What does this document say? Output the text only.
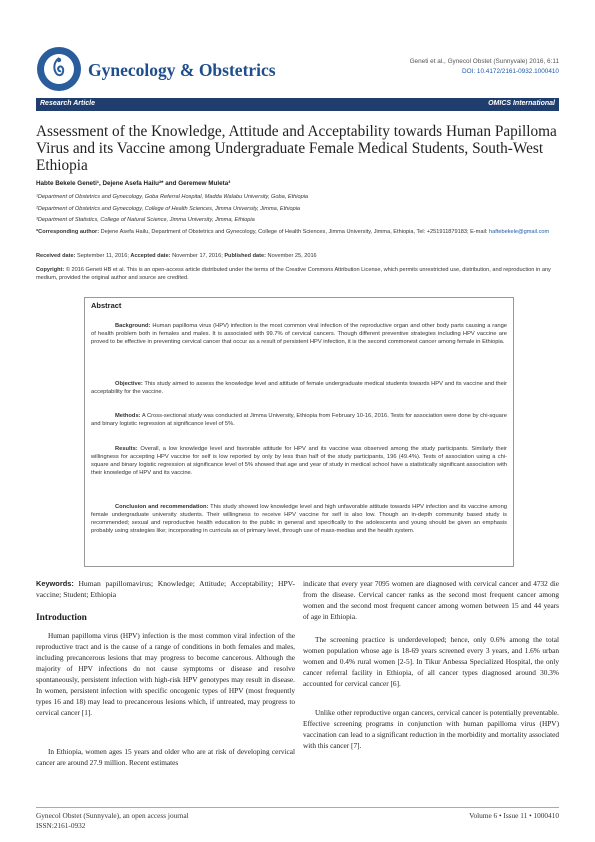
Gynecology & Obstetrics	Geneti et al., Gynecol Obstet (Sunnyvale) 2016, 6:11
DOI: 10.4172/2161-0932.1000410
Research Article	OMICS International
Assessment of the Knowledge, Attitude and Acceptability towards Human Papilloma Virus and its Vaccine among Undergraduate Female Medical Students, South-West Ethiopia
Habte Bekele Geneti¹, Dejene Asefa Hailu²* and Geremew Muleta³
¹Department of Obstetrics and Gynecology, Goba Referral Hospital, Madda Walabu University, Goba, Ethiopia
²Department of Obstetrics and Gynecology, College of Health Sciences, Jimma University, Jimma, Ethiopia
³Department of Statistics, College of Natural Science, Jimma University, Jimma, Ethiopia
*Corresponding author: Dejene Asefa Hailu, Department of Obstetrics and Gynecology, College of Health Sciences, Jimma University, Jimma, Ethiopia, Tel: +251911879183; E-mail: haftebekele@gmail.com
Received date: September 11, 2016; Accepted date: November 17, 2016; Published date: November 25, 2016
Copyright: © 2016 Geneti HB et al. This is an open-access article distributed under the terms of the Creative Commons Attribution License, which permits unrestricted use, distribution, and reproduction in any medium, provided the original author and source are credited.
Abstract

Background: Human papilloma virus (HPV) infection is the most common viral infection of the reproductive organ and other body parts causing a range of health problem both in females and males. It is associated with 99.7% of cervical cancers. Though different preventive strategies including HPV vaccine are proved to be effective in preventing cervical cancer that occur as a result of persistent HPV infection, it is the second commonest cancer among female in Ethiopia.

Objective: This study aimed to assess the knowledge level and attitude of female undergraduate medical students towards HPV and its vaccine and their acceptability for the vaccine.

Methods: A Cross-sectional study was conducted at Jimma University, Ethiopia from February 10-16, 2016. Tests for association were done by chi-square and binary logistic regression at significance level of 5%.

Results: Overall, a low knowledge level and favorable attitude for HPV and its vaccine was observed among the study participants. Similarly their willingness for accepting HPV vaccine for self is low reported by only by less than half of the study participants, 196 (49.4%). Tests of association using a chi-square and binary logistic regression at significance level of 5% showed that age and year of study in medical school have a statistically significant association with their knowledge of HPV and its vaccine.

Conclusion and recommendation: This study showed low knowledge level and high unfavorable attitude towards HPV infection and its vaccine among female undergraduate university students. Their willingness to receive HPV vaccine for self is also low. Though an in-depth community based study is recommended; sexual and reproductive health education to the public in general and specifically to the adolescents and young should be given an emphasis probably using strategies like; incorporating in curricula as of primary level, through use of mass-medias and the health system.

Keywords: Human papillomavirus; Knowledge; Attitude; Acceptability; HPV-vaccine; Student; Ethiopia
Introduction

Human papilloma virus (HPV) infection is the most common viral infection of the reproductive tract and is the cause of a range of conditions in both females and males, including precancerous lesions that may progress to become cancerous. Although the majority of HPV infections do not cause symptoms or disease and resolve spontaneously, persistent infection with high-risk HPV genotypes may result in disease. In women, persistent infection with specific oncogenic types of HPV (most frequently types 16 and 18) may lead to precancerous lesions which, if untreated, may progress to cervical cancer [1].

In Ethiopia, women ages 15 years and older who are at risk of developing cervical cancer are around 27.9 million. Recent estimates

indicate that every year 7095 women are diagnosed with cervical cancer and 4732 die from the disease. Cervical cancer ranks as the second most frequent cancer among women and the second most frequent cancer among women between 15 and 44 years of age in Ethiopia.

The screening practice is underdeveloped; hence, only 0.6% among the total women population whose age is 18-69 years screened every 3 years, and 1.6% urban women and 0.4% rural women [2-5]. In Tikur Anbessa Specialized Hospital, the only cancer referral facility in Ethiopia, of all cancer types diagnosed around 30.3% accounted for cervical cancer [6].

Unlike other reproductive organ cancers, cervical cancer is potentially preventable. Effective screening programs in conjunction with human papilloma virus (HPV) vaccination can lead to a significant reduction in the morbidity and mortality associated with this cancer [7].

Gynecol Obstet (Sunnyvale), an open access journal
ISSN:2161-0932
Volume 6 • Issue 11 • 1000410
